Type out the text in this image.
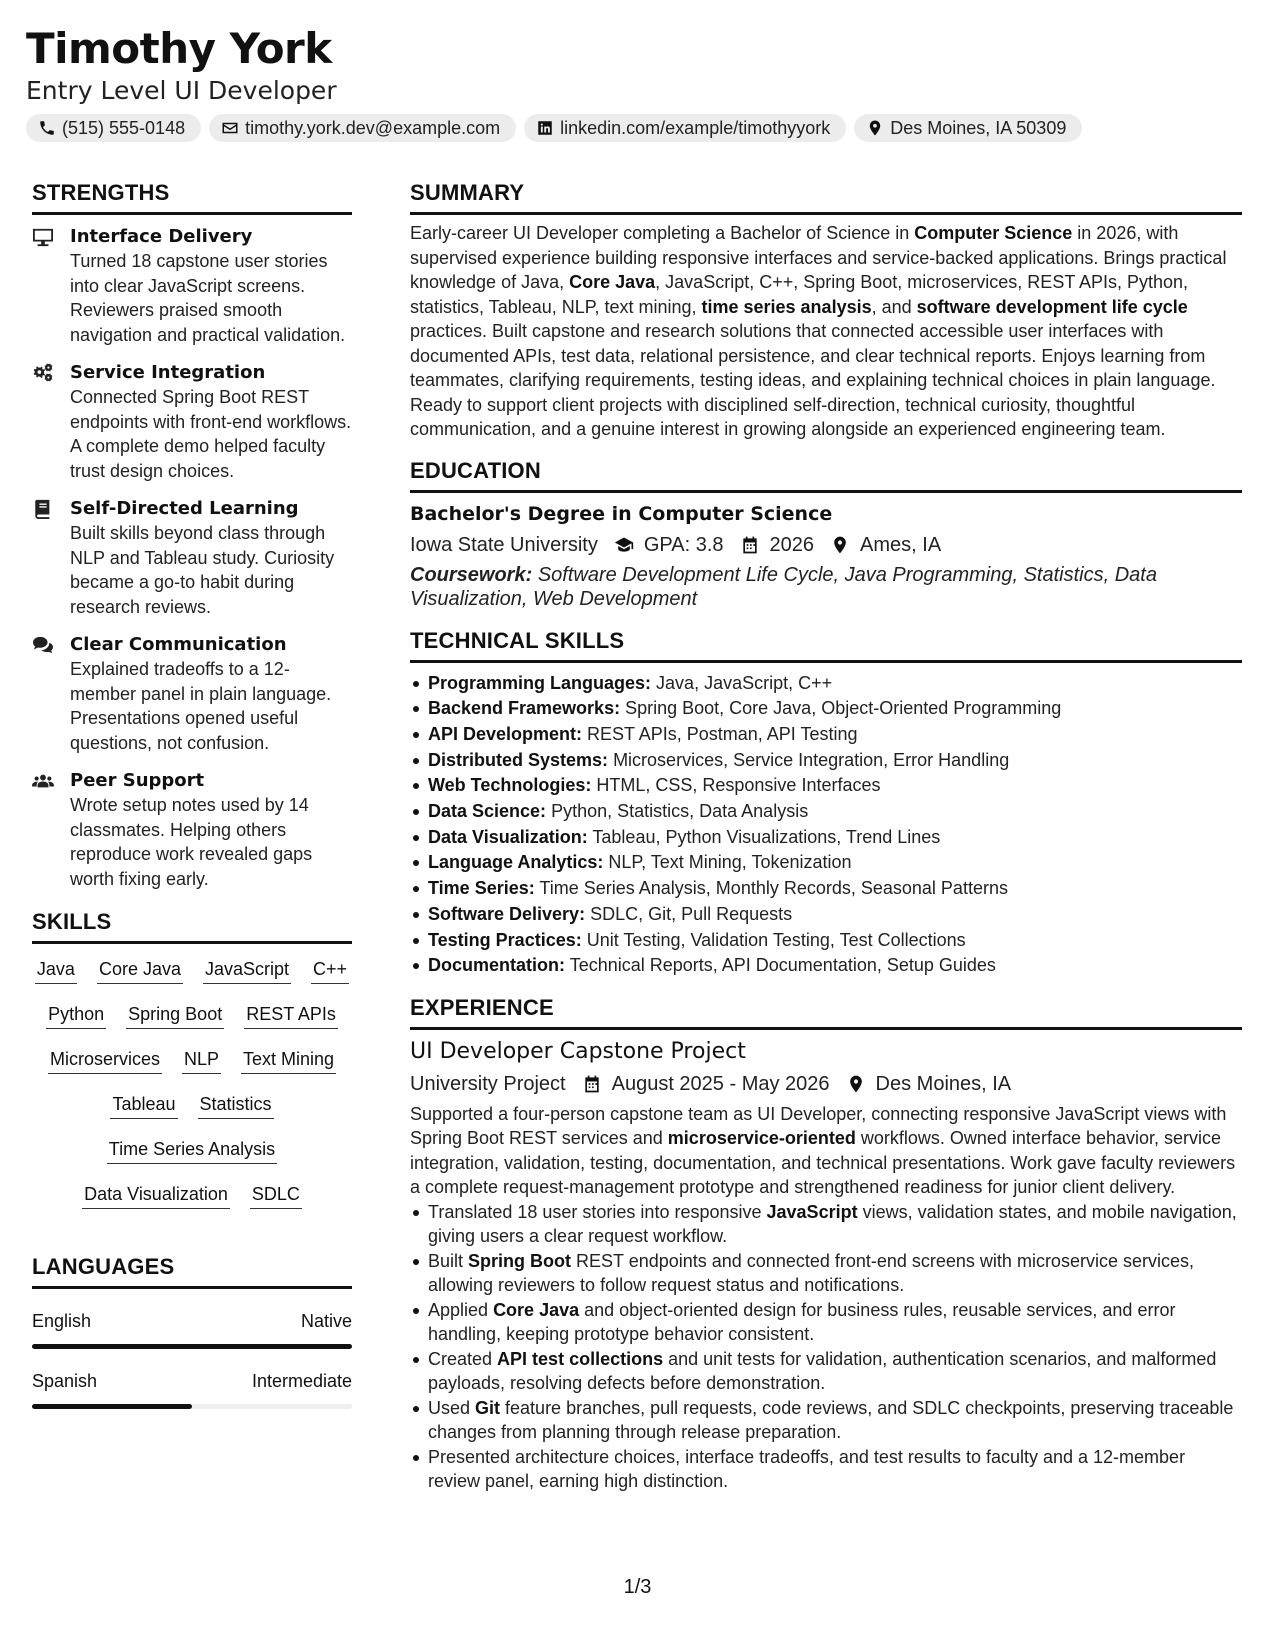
Timothy York
Entry Level UI Developer
(515) 555-0148	timothy.york.dev@example.com	linkedin.com/example/timothyyork	Des Moines, IA 50309
STRENGTHS
Interface Delivery
Turned 18 capstone user stories into clear JavaScript screens. Reviewers praised smooth navigation and practical validation.
Service Integration
Connected Spring Boot REST endpoints with front-end workflows. A complete demo helped faculty trust design choices.
Self-Directed Learning
Built skills beyond class through NLP and Tableau study. Curiosity became a go-to habit during research reviews.
Clear Communication
Explained tradeoffs to a 12-member panel in plain language. Presentations opened useful questions, not confusion.
Peer Support
Wrote setup notes used by 14 classmates. Helping others reproduce work revealed gaps worth fixing early.
SKILLS
Java Core Java JavaScript C++
Python Spring Boot REST APIs
Microservices NLP Text Mining
Tableau Statistics
Time Series Analysis
Data Visualization SDLC
LANGUAGES
English	Native
Spanish	Intermediate
SUMMARY
Early-career UI Developer completing a Bachelor of Science in Computer Science in 2026, with supervised experience building responsive interfaces and service-backed applications. Brings practical knowledge of Java, Core Java, JavaScript, C++, Spring Boot, microservices, REST APIs, Python, statistics, Tableau, NLP, text mining, time series analysis, and software development life cycle practices. Built capstone and research solutions that connected accessible user interfaces with documented APIs, test data, relational persistence, and clear technical reports. Enjoys learning from teammates, clarifying requirements, testing ideas, and explaining technical choices in plain language. Ready to support client projects with disciplined self-direction, technical curiosity, thoughtful communication, and a genuine interest in growing alongside an experienced engineering team.
EDUCATION
Bachelor's Degree in Computer Science
Iowa State University GPA: 3.8 2026 Ames, IA
Coursework: Software Development Life Cycle, Java Programming, Statistics, Data Visualization, Web Development
TECHNICAL SKILLS
Programming Languages: Java, JavaScript, C++
Backend Frameworks: Spring Boot, Core Java, Object-Oriented Programming
API Development: REST APIs, Postman, API Testing
Distributed Systems: Microservices, Service Integration, Error Handling
Web Technologies: HTML, CSS, Responsive Interfaces
Data Science: Python, Statistics, Data Analysis
Data Visualization: Tableau, Python Visualizations, Trend Lines
Language Analytics: NLP, Text Mining, Tokenization
Time Series: Time Series Analysis, Monthly Records, Seasonal Patterns
Software Delivery: SDLC, Git, Pull Requests
Testing Practices: Unit Testing, Validation Testing, Test Collections
Documentation: Technical Reports, API Documentation, Setup Guides
EXPERIENCE
UI Developer Capstone Project
University Project August 2025 - May 2026 Des Moines, IA
Supported a four-person capstone team as UI Developer, connecting responsive JavaScript views with Spring Boot REST services and microservice-oriented workflows. Owned interface behavior, service integration, validation, testing, documentation, and technical presentations. Work gave faculty reviewers a complete request-management prototype and strengthened readiness for junior client delivery.
Translated 18 user stories into responsive JavaScript views, validation states, and mobile navigation, giving users a clear request workflow.
Built Spring Boot REST endpoints and connected front-end screens with microservice services, allowing reviewers to follow request status and notifications.
Applied Core Java and object-oriented design for business rules, reusable services, and error handling, keeping prototype behavior consistent.
Created API test collections and unit tests for validation, authentication scenarios, and malformed payloads, resolving defects before demonstration.
Used Git feature branches, pull requests, code reviews, and SDLC checkpoints, preserving traceable changes from planning through release preparation.
Presented architecture choices, interface tradeoffs, and test results to faculty and a 12-member review panel, earning high distinction.
1/3
